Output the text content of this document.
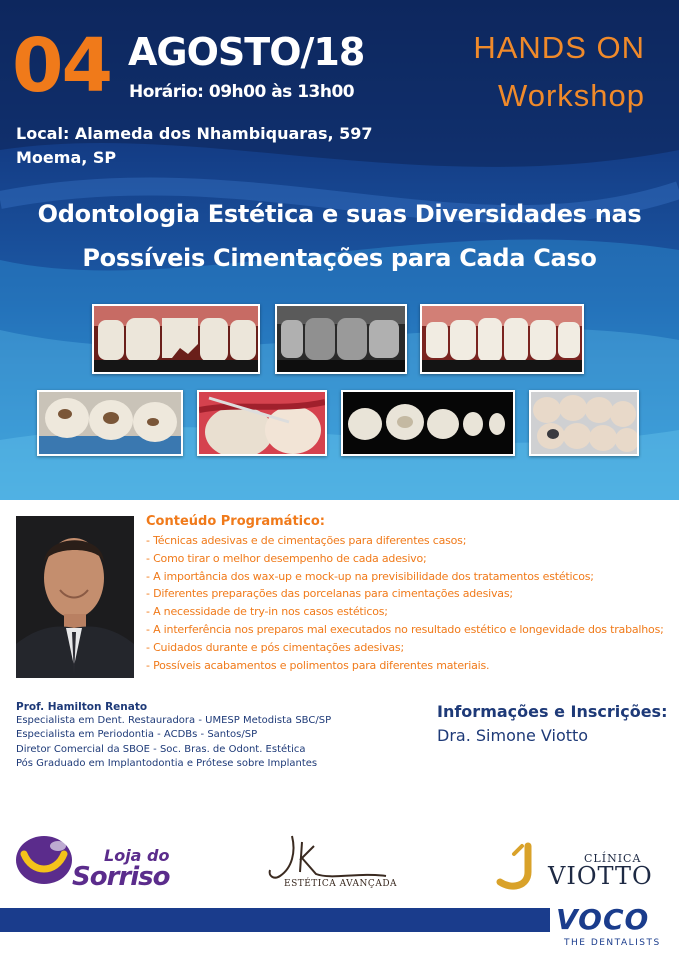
04 AGOSTO/18
Horário: 09h00 às 13h00
HANDS ON
Workshop
Local: Alameda dos Nhambiquaras, 597
Moema, SP
Odontologia Estética e suas Diversidades nas
Possíveis Cimentações para Cada Caso
Conteúdo Programático:
- Técnicas adesivas e de cimentações para diferentes casos;
- Como tirar o melhor desempenho de cada adesivo;
- A importância dos wax-up e mock-up na previsibilidade dos tratamentos estéticos;
- Diferentes preparações das porcelanas para cimentações adesivas;
- A necessidade de try-in nos casos estéticos;
- A interferência nos preparos mal executados no resultado estético e longevidade dos trabalhos;
- Cuidados durante e pós cimentações adesivas;
- Possíveis acabamentos e polimentos para diferentes materiais.
Prof. Hamilton Renato
Especialista em Dent. Restauradora - UMESP Metodista SBC/SP
Especialista em Periodontia - ACDBs - Santos/SP
Diretor Comercial da SBOE - Soc. Bras. de Odont. Estética
Pós Graduado em Implantodontia e Prótese sobre Implantes
Informações e Inscrições:
Dra. Simone Viotto
Loja do
Sorriso	ESTÉTICA AVANÇADA
CLÍNICA
VIOTTO
VOCO
THE DENTALISTS
